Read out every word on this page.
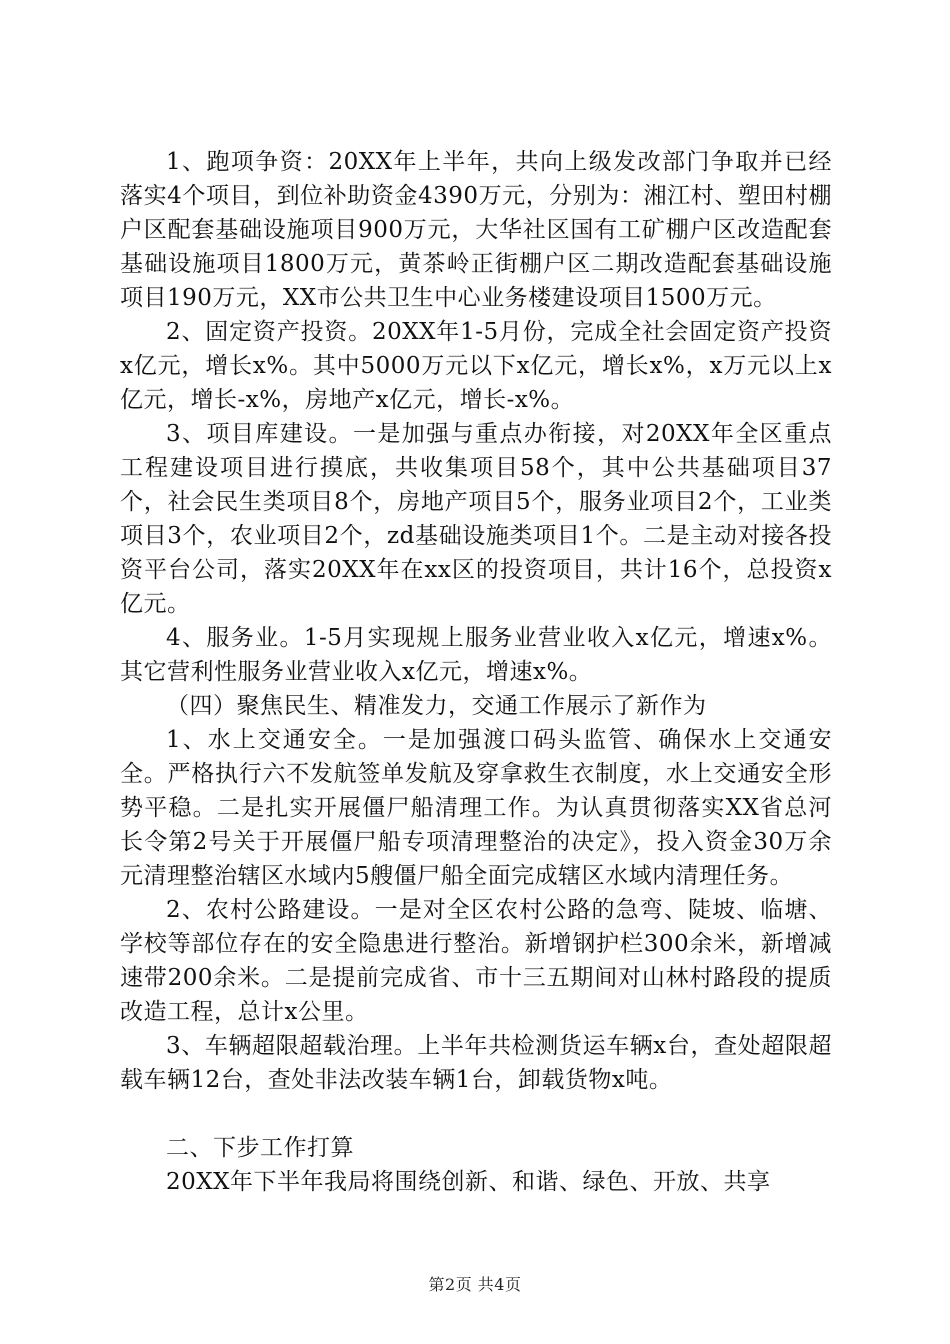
1、跑项争资：20XX年上半年，共向上级发改部门争取并已经落实4个项目，到位补助资金4390万元，分别为：湘江村、塑田村棚户区配套基础设施项目900万元，大华社区国有工矿棚户区改造配套基础设施项目1800万元，黄茶岭正街棚户区二期改造配套基础设施项目190万元，XX市公共卫生中心业务楼建设项目1500万元。

2、固定资产投资。20XX年1-5月份，完成全社会固定资产投资x亿元，增长x%。其中5000万元以下x亿元，增长x%，x万元以上x亿元，增长-x%，房地产x亿元，增长-x%。

3、项目库建设。一是加强与重点办衔接，对20XX年全区重点工程建设项目进行摸底，共收集项目58个，其中公共基础项目37个，社会民生类项目8个，房地产项目5个，服务业项目2个，工业类项目3个，农业项目2个，zd基础设施类项目1个。二是主动对接各投资平台公司，落实20XX年在xx区的投资项目，共计16个，总投资x亿元。

4、服务业。1-5月实现规上服务业营业收入x亿元，增速x%。其它营利性服务业营业收入x亿元，增速x%。

（四）聚焦民生、精准发力，交通工作展示了新作为

1、水上交通安全。一是加强渡口码头监管、确保水上交通安全。严格执行六不发航签单发航及穿拿救生衣制度，水上交通安全形势平稳。二是扎实开展僵尸船清理工作。为认真贯彻落实XX省总河长令第2号关于开展僵尸船专项清理整治的决定》，投入资金30万余元清理整治辖区水域内5艘僵尸船全面完成辖区水域内清理任务。

2、农村公路建设。一是对全区农村公路的急弯、陡坡、临塘、学校等部位存在的安全隐患进行整治。新增钢护栏300余米，新增减速带200余米。二是提前完成省、市十三五期间对山林村路段的提质改造工程，总计x公里。

3、车辆超限超载治理。上半年共检测货运车辆x台，查处超限超载车辆12台，查处非法改装车辆1台，卸载货物x吨。

二、下步工作打算

20XX年下半年我局将围绕创新、和谐、绿色、开放、共享

第2页 共4页
